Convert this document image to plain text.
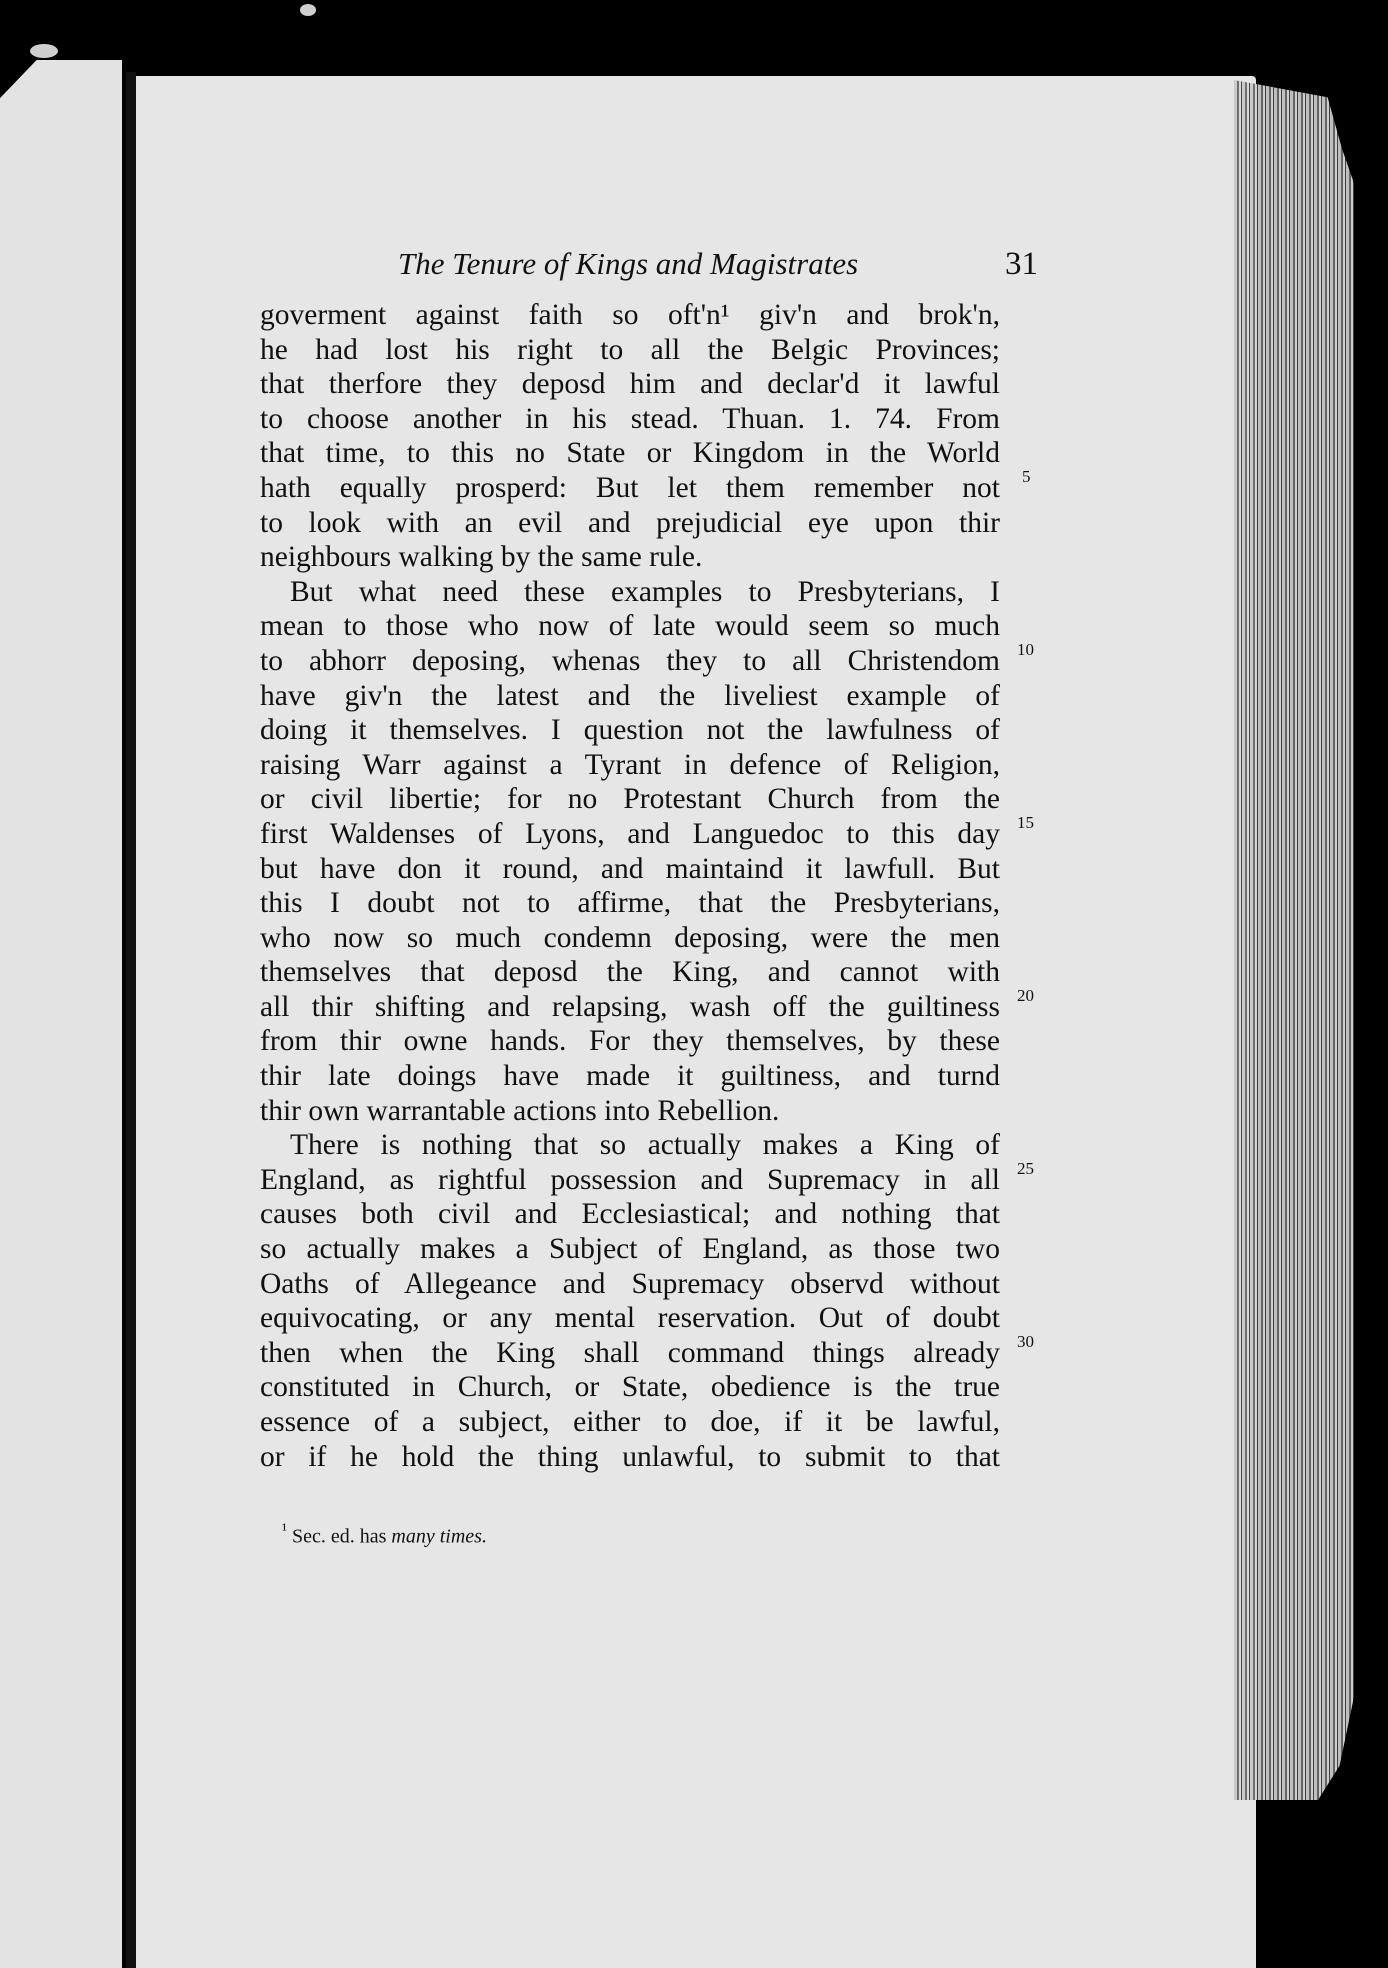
The Tenure of Kings and Magistrates	31
goverment against faith so oft'n¹ giv'n and brok'n,
he had lost his right to all the Belgic Provinces;
that therfore they deposd him and declar'd it lawful
to choose another in his stead. Thuan. 1. 74. From
that time, to this no State or Kingdom in the World
hath equally prosperd: But let them remember not
to look with an evil and prejudicial eye upon thir
neighbours walking by the same rule.
But what need these examples to Presbyterians, I
mean to those who now of late would seem so much
to abhorr deposing, whenas they to all Christendom
have giv'n the latest and the liveliest example of
doing it themselves. I question not the lawfulness of
raising Warr against a Tyrant in defence of Religion,
or civil libertie; for no Protestant Church from the
first Waldenses of Lyons, and Languedoc to this day
but have don it round, and maintaind it lawfull. But
this I doubt not to affirme, that the Presbyterians,
who now so much condemn deposing, were the men
themselves that deposd the King, and cannot with
all thir shifting and relapsing, wash off the guiltiness
from thir owne hands. For they themselves, by these
thir late doings have made it guiltiness, and turnd
thir own warrantable actions into Rebellion.
There is nothing that so actually makes a King of
England, as rightful possession and Supremacy in all
causes both civil and Ecclesiastical; and nothing that
so actually makes a Subject of England, as those two
Oaths of Allegeance and Supremacy observd without
equivocating, or any mental reservation. Out of doubt
then when the King shall command things already
constituted in Church, or State, obedience is the true
essence of a subject, either to doe, if it be lawful,
or if he hold the thing unlawful, to submit to that
5
10
15
20
25
30
$^{^1}$ Sec. ed. has many times.
